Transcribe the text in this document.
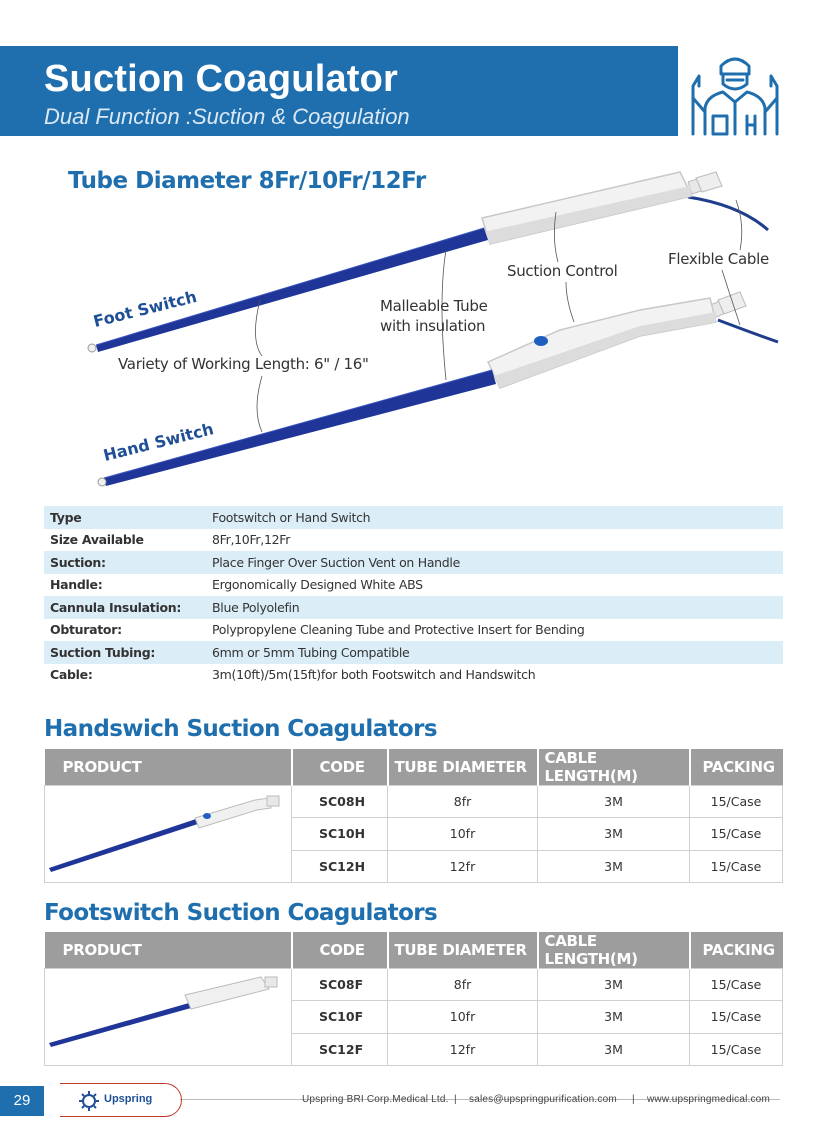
Suction Coagulator
Dual Function :Suction & Coagulation
Tube Diameter 8Fr/10Fr/12Fr
Foot Switch
Hand Switch
Variety of Working Length: 6" / 16"
Malleable Tube
with insulation
Suction Control
Flexible Cable
Type	Footswitch or Hand Switch
Size Available	8Fr,10Fr,12Fr
Suction:	Place Finger Over Suction Vent on Handle
Handle:	Ergonomically Designed White ABS
Cannula Insulation:	Blue Polyolefin
Obturator:	Polypropylene Cleaning Tube and Protective Insert for Bending
Suction Tubing:	6mm or 5mm Tubing Compatible
Cable:	3m(10ft)/5m(15ft)for both Footswitch and Handswitch
Handswich Suction Coagulators
PRODUCT	CODE	TUBE DIAMETER	CABLE LENGTH(M)	PACKING
	SC08H	8fr	3M	15/Case
	SC10H	10fr	3M	15/Case
	SC12H	12fr	3M	15/Case
Footswitch Suction Coagulators
PRODUCT	CODE	TUBE DIAMETER	CABLE LENGTH(M)	PACKING
	SC08F	8fr	3M	15/Case
	SC10F	10fr	3M	15/Case
	SC12F	12fr	3M	15/Case
29	Upspring	Upspring BRI Corp.Medical Ltd. | sales@upspringpurification.com | www.upspringmedical.com
